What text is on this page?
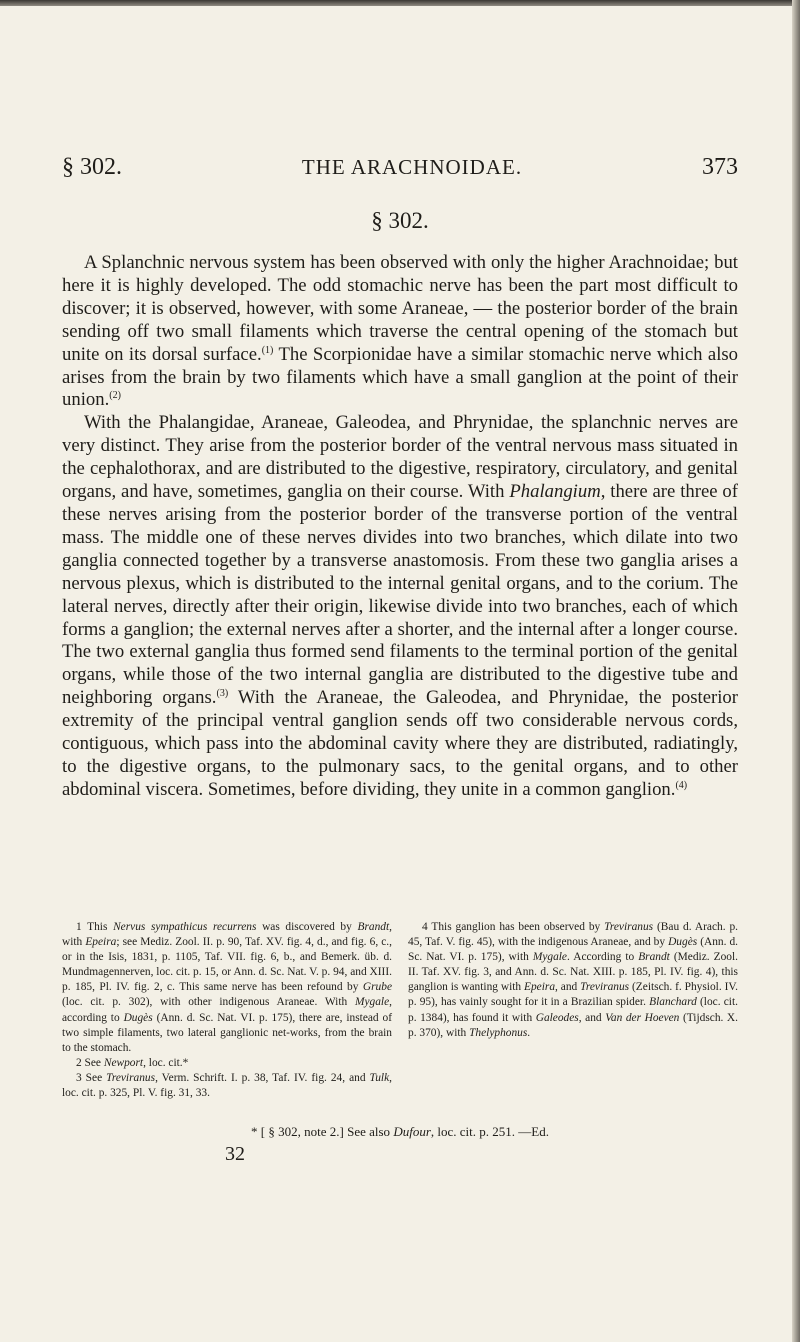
§ 302.	THE ARACHNOIDAE.	373
§ 302.

A Splanchnic nervous system has been observed with only the higher Arachnoidae; but here it is highly developed. The odd stomachic nerve has been the part most difficult to discover; it is observed, however, with some Araneae, — the posterior border of the brain sending off two small filaments which traverse the central opening of the stomach but unite on its dorsal surface.$^{(1)}$ The Scorpionidae have a similar stomachic nerve which also arises from the brain by two filaments which have a small ganglion at the point of their union.$^{(2)}$

With the Phalangidae, Araneae, Galeodea, and Phrynidae, the splanchnic nerves are very distinct. They arise from the posterior border of the ventral nervous mass situated in the cephalothorax, and are distributed to the digestive, respiratory, circulatory, and genital organs, and have, sometimes, ganglia on their course. With Phalangium, there are three of these nerves arising from the posterior border of the transverse portion of the ventral mass. The middle one of these nerves divides into two branches, which dilate into two ganglia connected together by a transverse anastomosis. From these two ganglia arises a nervous plexus, which is distributed to the internal genital organs, and to the corium. The lateral nerves, directly after their origin, likewise divide into two branches, each of which forms a ganglion; the external nerves after a shorter, and the internal after a longer course. The two external ganglia thus formed send filaments to the terminal portion of the genital organs, while those of the two internal ganglia are distributed to the digestive tube and neighboring organs.$^{(3)}$ With the Araneae, the Galeodea, and Phrynidae, the posterior extremity of the principal ventral ganglion sends off two considerable nervous cords, contiguous, which pass into the abdominal cavity where they are distributed, radiatingly, to the digestive organs, to the pulmonary sacs, to the genital organs, and to other abdominal viscera. Sometimes, before dividing, they unite in a common ganglion.$^{(4)}$

1 This Nervus sympathicus recurrens was discovered by Brandt, with Epeira; see Mediz. Zool. II. p. 90, Taf. XV. fig. 4, d., and fig. 6, c., or in the Isis, 1831, p. 1105, Taf. VII. fig. 6, b., and Bemerk. üb. d. Mundmagennerven, loc. cit. p. 15, or Ann. d. Sc. Nat. V. p. 94, and XIII. p. 185, Pl. IV. fig. 2, c. This same nerve has been refound by Grube (loc. cit. p. 302), with other indigenous Araneae. With Mygale, according to Dugès (Ann. d. Sc. Nat. VI. p. 175), there are, instead of two simple filaments, two lateral ganglionic net-works, from the brain to the stomach.

2 See Newport, loc. cit.*

3 See Treviranus, Verm. Schrift. I. p. 38, Taf. IV. fig. 24, and Tulk, loc. cit. p. 325, Pl. V. fig. 31, 33.

4 This ganglion has been observed by Treviranus (Bau d. Arach. p. 45, Taf. V. fig. 45), with the indigenous Araneae, and by Dugès (Ann. d. Sc. Nat. VI. p. 175), with Mygale. According to Brandt (Mediz. Zool. II. Taf. XV. fig. 3, and Ann. d. Sc. Nat. XIII. p. 185, Pl. IV. fig. 4), this ganglion is wanting with Epeira, and Treviranus (Zeitsch. f. Physiol. IV. p. 95), has vainly sought for it in a Brazilian spider. Blanchard (loc. cit. p. 1384), has found it with Galeodes, and Van der Hoeven (Tijdsch. X. p. 370), with Thelyphonus.

* [ § 302, note 2.] See also Dufour, loc. cit. p. 251. —Ed.
32
